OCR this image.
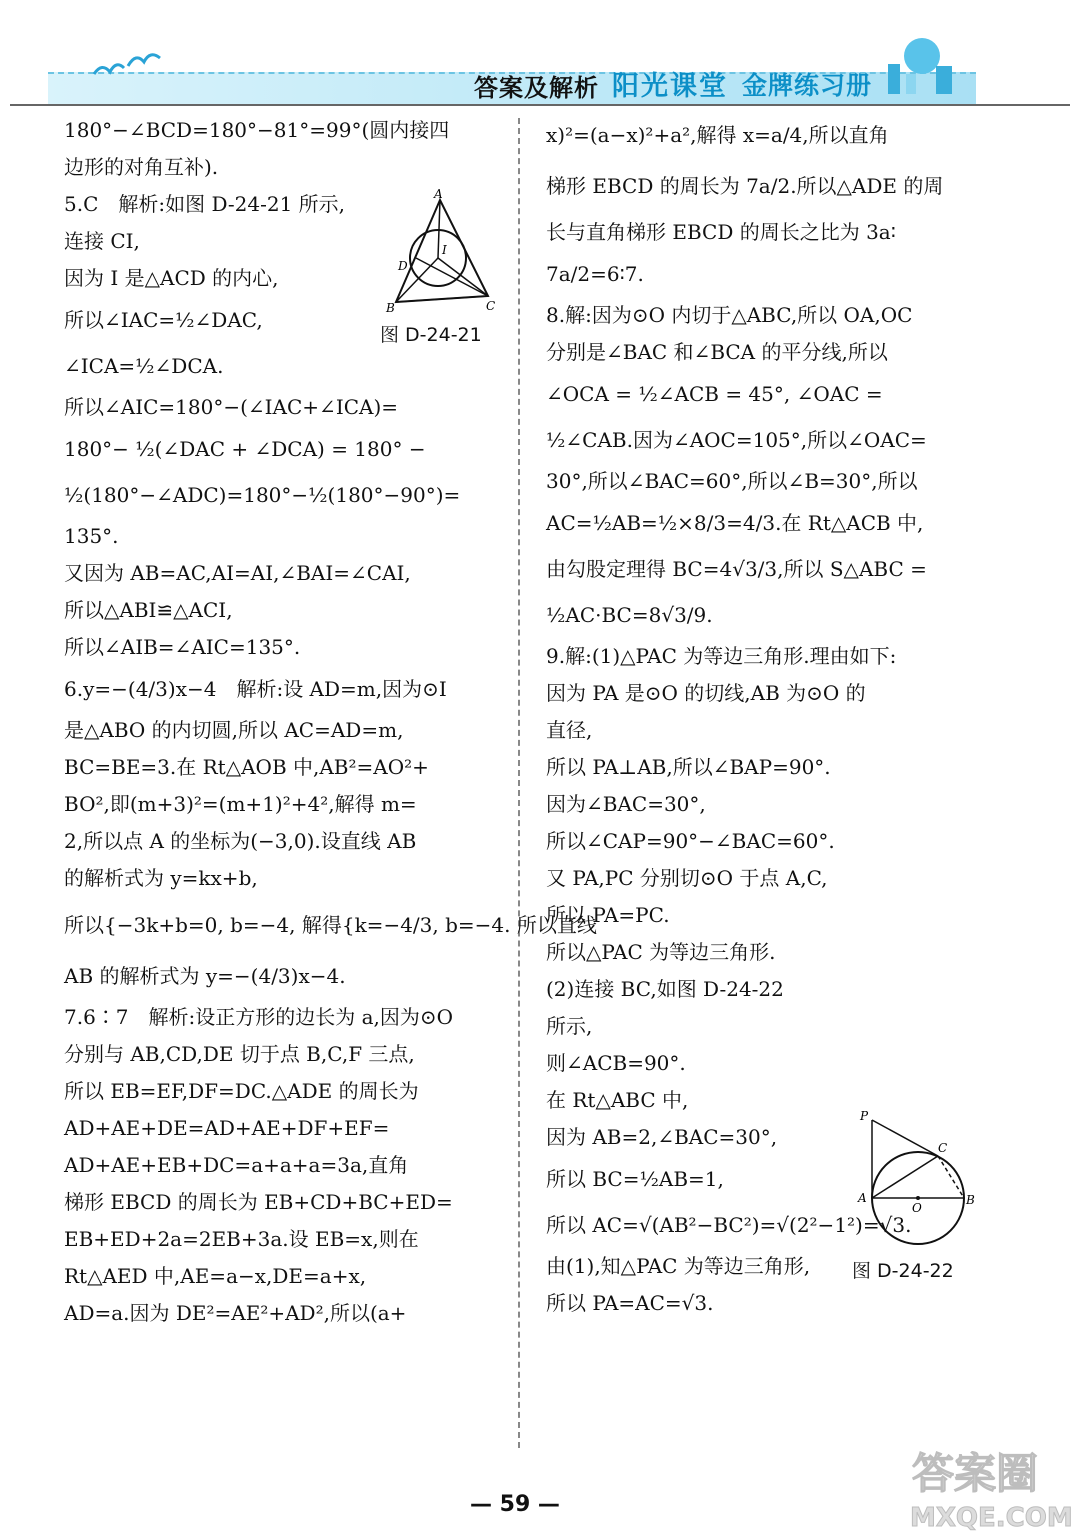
答案及解析 阳光课堂 金牌练习册
180°−∠BCD=180°−81°=99°(圆内接四
边形的对角互补).
5.C　解析:如图 D-24-21 所示,
连接 CI,
因为 I 是△ACD 的内心,
所以∠IAC=½∠DAC,
∠ICA=½∠DCA.
所以∠AIC=180°−(∠IAC+∠ICA)=
180°− ½(∠DAC + ∠DCA) = 180° −
½(180°−∠ADC)=180°−½(180°−90°)=
135°.
又因为 AB=AC,AI=AI,∠BAI=∠CAI,
所以△ABI≌△ACI,
所以∠AIB=∠AIC=135°.
6.y=−(4/3)x−4　解析:设 AD=m,因为⊙I
是△ABO 的内切圆,所以 AC=AD=m,
BC=BE=3.在 Rt△AOB 中,AB²=AO²+
BO²,即(m+3)²=(m+1)²+4²,解得 m=
2,所以点 A 的坐标为(−3,0).设直线 AB
的解析式为 y=kx+b,
所以{−3k+b=0, b=−4, 解得{k=−4/3, b=−4. 所以直线
AB 的解析式为 y=−(4/3)x−4.
7.6∶7　解析:设正方形的边长为 a,因为⊙O
分别与 AB,CD,DE 切于点 B,C,F 三点,
所以 EB=EF,DF=DC.△ADE 的周长为
AD+AE+DE=AD+AE+DF+EF=
AD+AE+EB+DC=a+a+a=3a,直角
梯形 EBCD 的周长为 EB+CD+BC+ED=
EB+ED+2a=2EB+3a.设 EB=x,则在
Rt△AED 中,AE=a−x,DE=a+x,
AD=a.因为 DE²=AE²+AD²,所以(a+
A
D
I
B	C
图 D-24-21
x)²=(a−x)²+a²,解得 x=a/4,所以直角
梯形 EBCD 的周长为 7a/2.所以△ADE 的周
长与直角梯形 EBCD 的周长之比为 3a∶
7a/2=6∶7.
8.解:因为⊙O 内切于△ABC,所以 OA,OC
分别是∠BAC 和∠BCA 的平分线,所以
∠OCA = ½∠ACB = 45°, ∠OAC =
½∠CAB.因为∠AOC=105°,所以∠OAC=
30°,所以∠BAC=60°,所以∠B=30°,所以
AC=½AB=½×8/3=4/3.在 Rt△ACB 中,
由勾股定理得 BC=4√3/3,所以 S△ABC =
½AC·BC=8√3/9.
9.解:(1)△PAC 为等边三角形.理由如下:
因为 PA 是⊙O 的切线,AB 为⊙O 的
直径,
所以 PA⊥AB,所以∠BAP=90°.
因为∠BAC=30°,
所以∠CAP=90°−∠BAC=60°.
又 PA,PC 分别切⊙O 于点 A,C,
所以 PA=PC.
所以△PAC 为等边三角形.
(2)连接 BC,如图 D-24-22
所示,
则∠ACB=90°.
在 Rt△ABC 中,
因为 AB=2,∠BAC=30°,
所以 BC=½AB=1,
所以 AC=√(AB²−BC²)=√(2²−1²)=√3.
由(1),知△PAC 为等边三角形,
所以 PA=AC=√3.
P
C
A
O
B
图 D-24-22
— 59 —
答案圈
MXQE.COM
